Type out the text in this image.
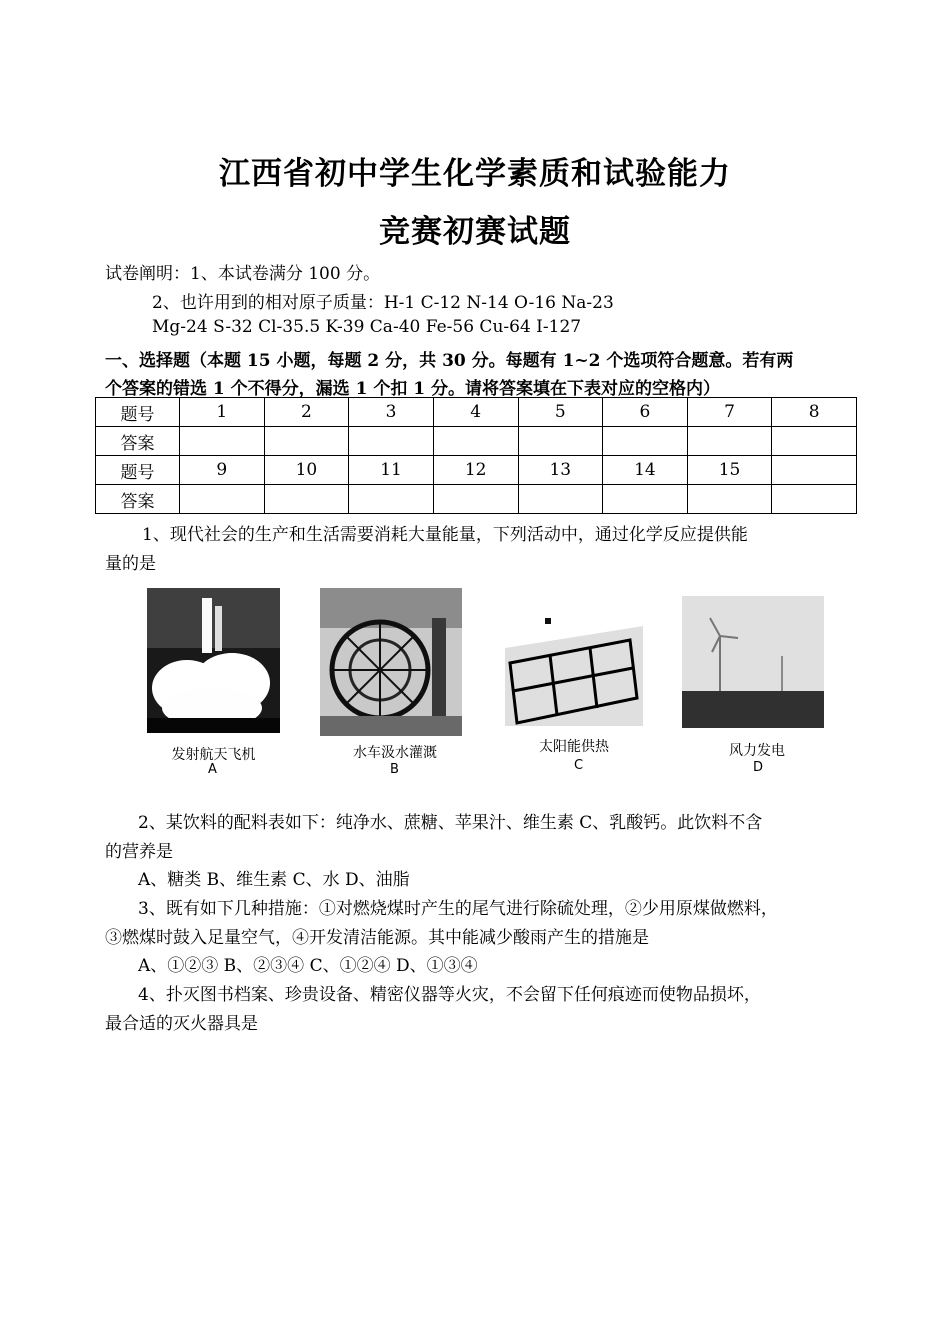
江西省初中学生化学素质和试验能力
竞赛初赛试题
试卷阐明：1、本试卷满分 100 分。
2、也许用到的相对原子质量：H-1 C-12 N-14 O-16 Na-23
Mg-24 S-32 Cl-35.5 K-39 Ca-40 Fe-56 Cu-64 I-127
一、选择题（本题 15 小题，每题 2 分，共 30 分。每题有 1~2 个选项符合题意。若有两
个答案的错选 1 个不得分，漏选 1 个扣 1 分。请将答案填在下表对应的空格内）
题号	1	2	3	4	5	6	7	8
答案								
题号	9	10	11	12	13	14	15	
答案								
1、现代社会的生产和生活需要消耗大量能量，下列活动中，通过化学反应提供能
量的是
发射航天飞机
A
水车汲水灌溉
B
太阳能供热
C
风力发电
D
2、某饮料的配料表如下：纯净水、蔗糖、苹果汁、维生素 C、乳酸钙。此饮料不含
的营养是
A、糖类 B、维生素 C、水 D、油脂
3、既有如下几种措施：①对燃烧煤时产生的尾气进行除硫处理，②少用原煤做燃料，
③燃煤时鼓入足量空气，④开发清洁能源。其中能减少酸雨产生的措施是
A、①②③ B、②③④ C、①②④ D、①③④
4、扑灭图书档案、珍贵设备、精密仪器等火灾，不会留下任何痕迹而使物品损坏，
最合适的灭火器具是
